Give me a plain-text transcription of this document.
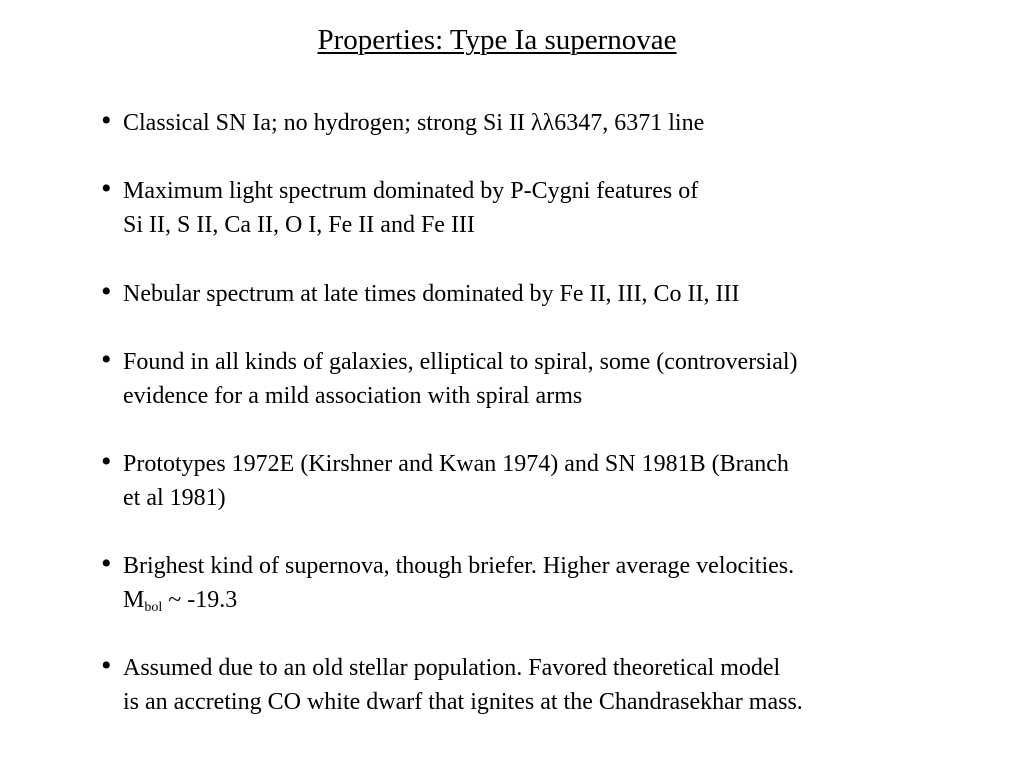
Properties: Type Ia supernovae
• Classical SN Ia; no hydrogen; strong Si II λλ6347, 6371 line
• Maximum light spectrum dominated by P-Cygni features of
Si II, S II, Ca II, O I, Fe II and Fe III
• Nebular spectrum at late times dominated by Fe II, III, Co II, III
• Found in all kinds of galaxies, elliptical to spiral, some (controversial)
evidence for a mild association with spiral arms
• Prototypes 1972E (Kirshner and Kwan 1974) and SN 1981B (Branch
et al 1981)
• Brighest kind of supernova, though briefer. Higher average velocities.
$M_{bol}$ ~ -19.3
• Assumed due to an old stellar population. Favored theoretical model
is an accreting CO white dwarf that ignites at the Chandrasekhar mass.
